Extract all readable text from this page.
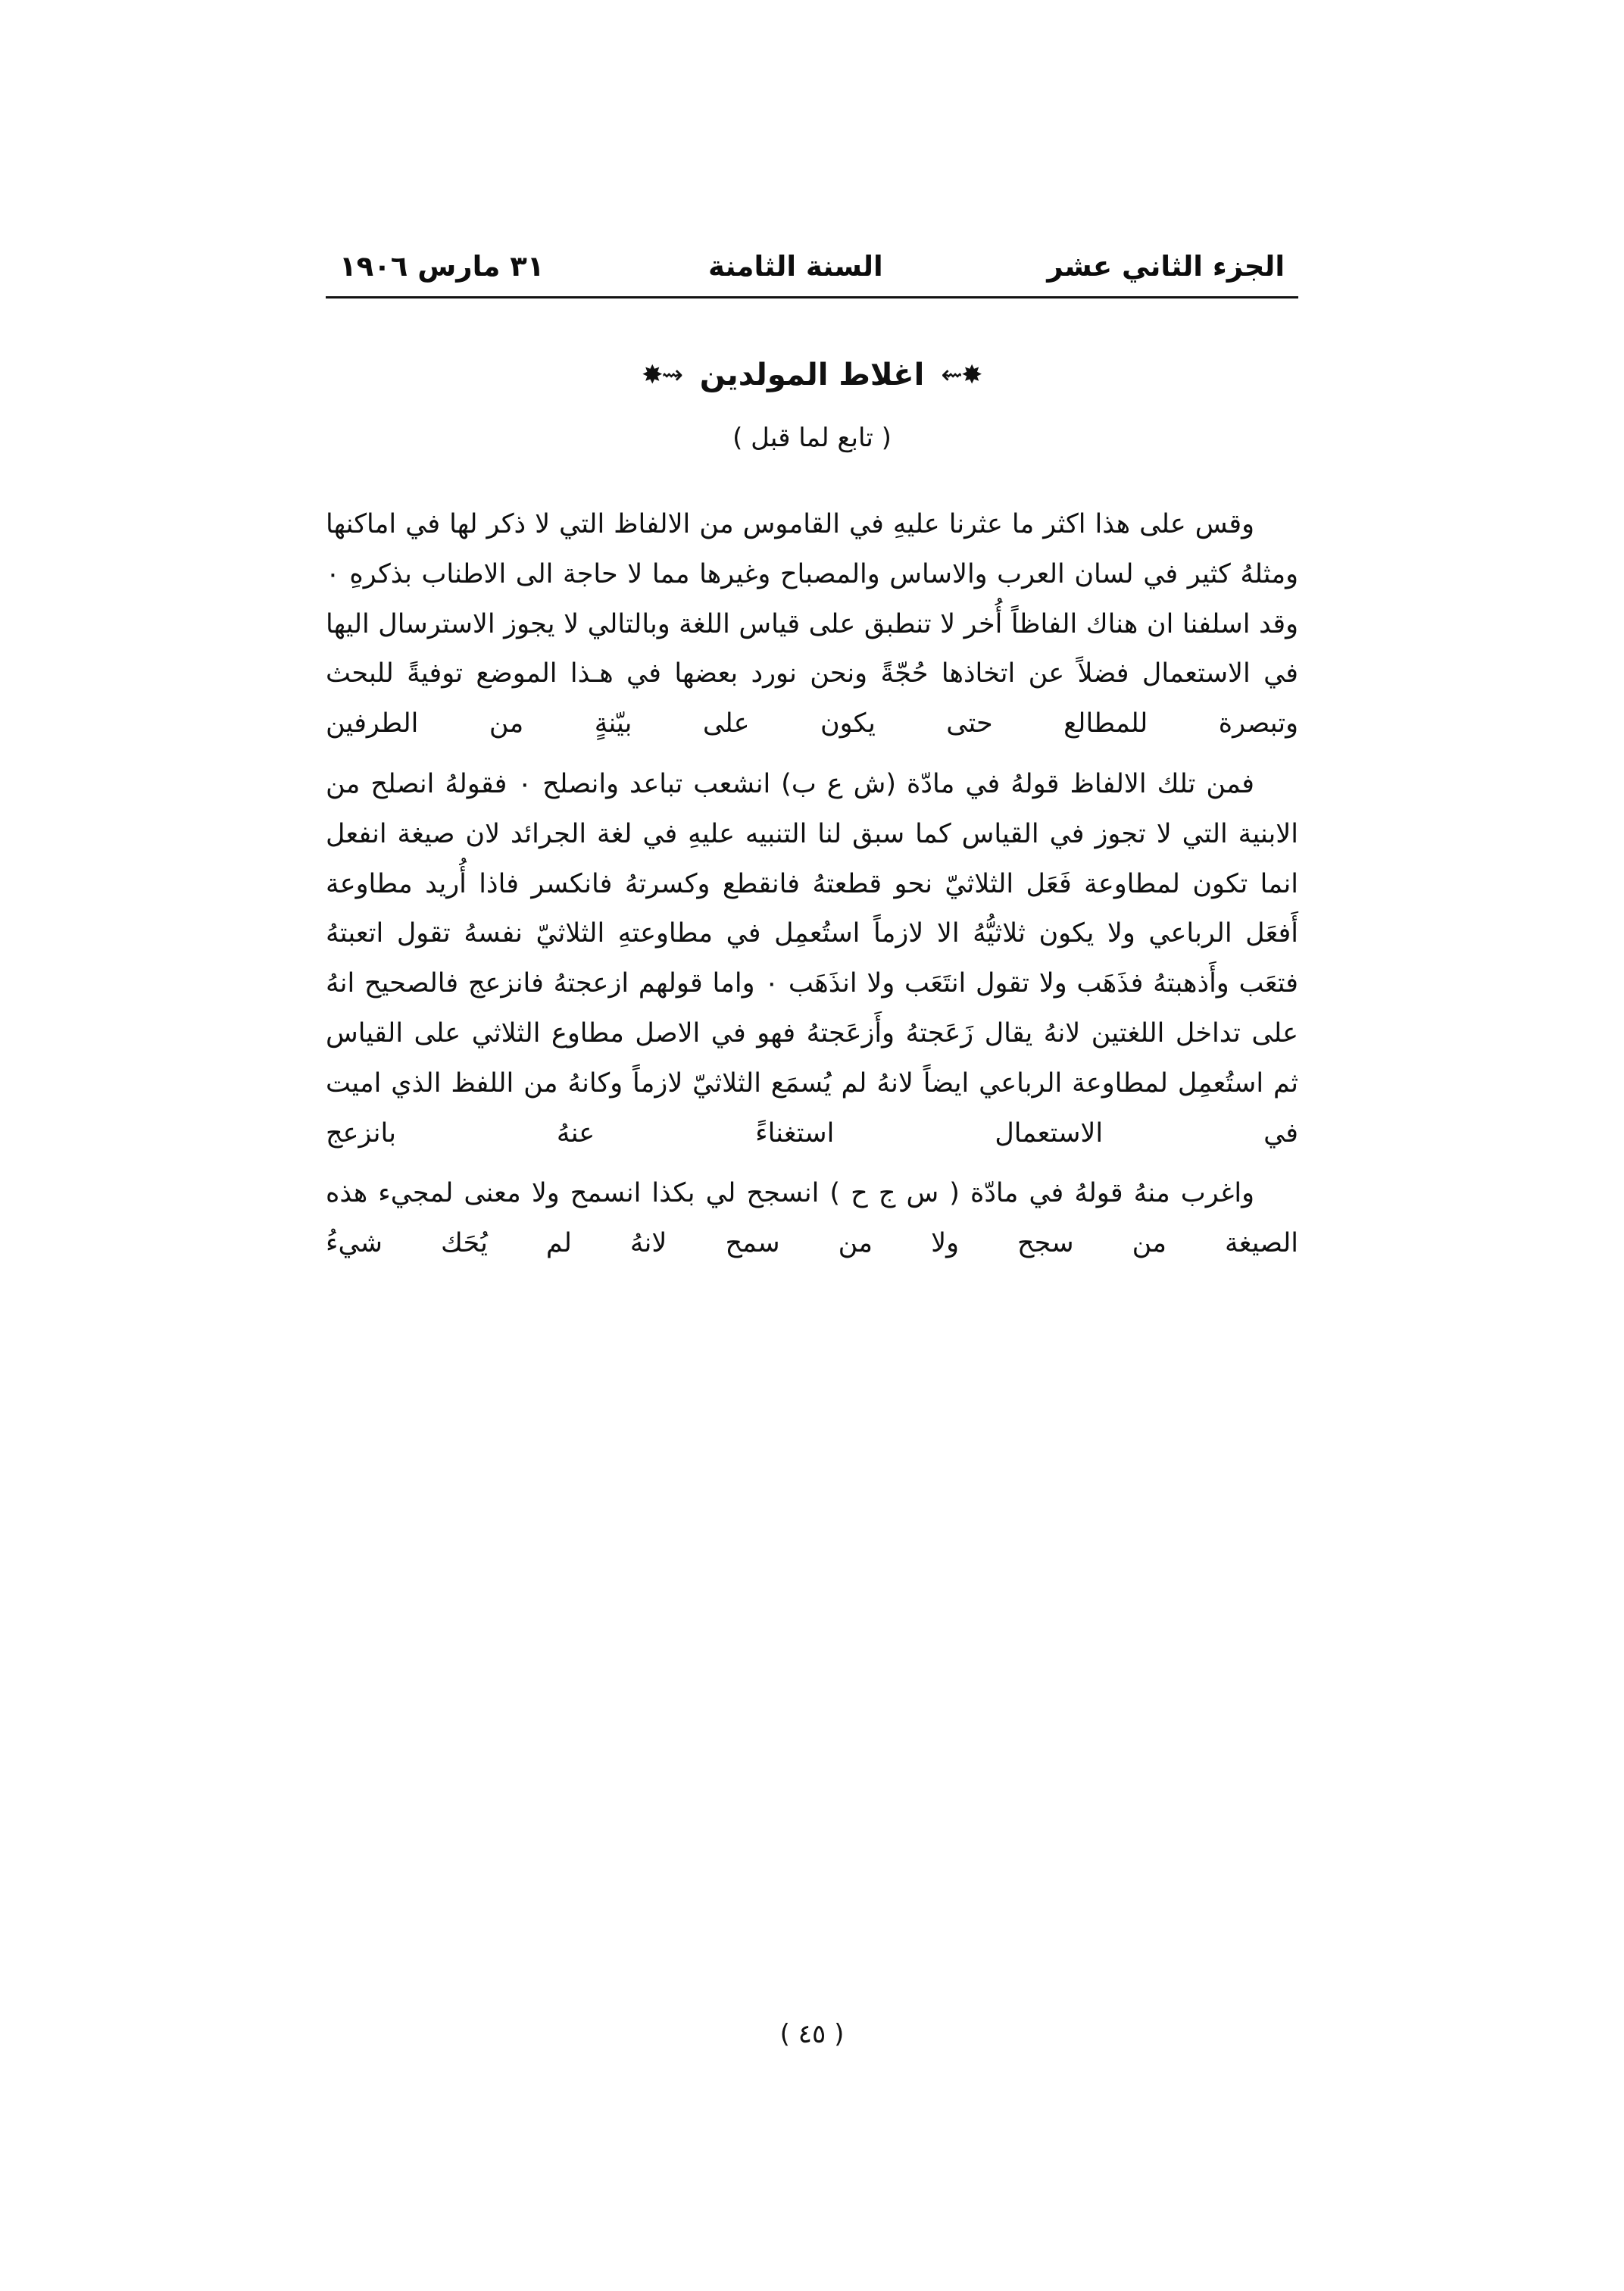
الجزء الثاني عشر
السنة الثامنة
٣١ مارس ١٩٠٦
✸⇜
اغلاط المولدين
✸⇜
( تابع لما قبل )

وقس على هذا اكثر ما عثرنا عليهِ في القاموس من الالفاظ التي لا ذكر لها في اماكنها ومثلهُ كثير في لسان العرب والاساس والمصباح وغيرها مما لا حاجة الى الاطناب بذكرهِ ۰ وقد اسلفنا ان هناك الفاظاً أُخر لا تنطبق على قياس اللغة وبالتالي لا يجوز الاسترسال اليها في الاستعمال فضلاً عن اتخاذها حُجّةً ونحن نورد بعضها في هـذا الموضع توفيةً للبحث وتبصرة للمطالع حتى يكون على بيّنةٍ من الطرفين

فمن تلك الالفاظ قولهُ في مادّة (ش ع ب) انشعب تباعد وانصلح ۰ فقولهُ انصلح من الابنية التي لا تجوز في القياس كما سبق لنا التنبيه عليهِ في لغة الجرائد لان صيغة انفعل انما تكون لمطاوعة فَعَل الثلاثيّ نحو قطعتهُ فانقطع وكسرتهُ فانكسر فاذا أُريد مطاوعة أَفعَل الرباعي ولا يكون ثلاثيُّهُ الا لازماً استُعمِل في مطاوعتهِ الثلاثيّ نفسهُ تقول اتعبتهُ فتعَب وأَذهبتهُ فذَهَب ولا تقول انتَعَب ولا انذَهَب ۰ واما قولهم ازعجتهُ فانزعج فالصحيح انهُ على تداخل اللغتين لانهُ يقال زَعَجتهُ وأَزعَجتهُ فهو في الاصل مطاوع الثلاثي على القياس ثم استُعمِل لمطاوعة الرباعي ايضاً لانهُ لم يُسمَع الثلاثيّ لازماً وكانهُ من اللفظ الذي اميت في الاستعمال استغناءً عنهُ بانزعج

واغرب منهُ قولهُ في مادّة ( س ج ح ) انسجح لي بكذا انسمح ولا معنى لمجيء هذه الصيغة من سجح ولا من سمح لانهُ لم يُحَك شيءُ

( ٤٥ )
